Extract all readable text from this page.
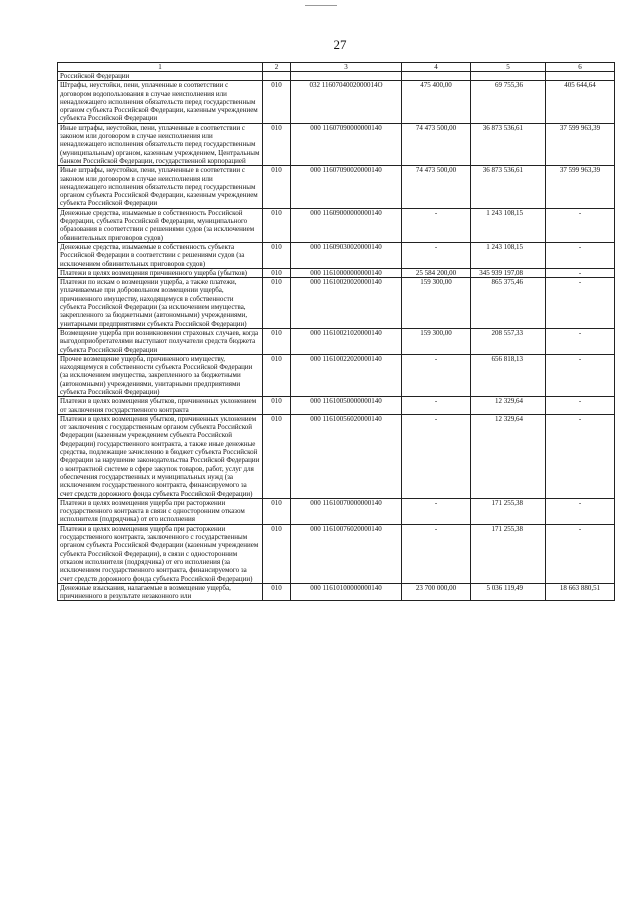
27
1	2	3	4	5	6
Российской Федерации					
Штрафы, неустойки, пени, уплаченные в соответствии с договором водопользования в случае неисполнения или ненадлежащего исполнения обязательств перед государственным органом субъекта Российской Федерации, казенным учреждением субъекта Российской Федерации	010	032 1160704002000014О	475 400,00	69 755,36	405 644,64
Иные штрафы, неустойки, пени, уплаченные в соответствии с законом или договором в случае неисполнения или ненадлежащего исполнения обязательств перед государственным (муниципальным) органом, казенным учреждением, Центральным банком Российской Федерации, государственной корпорацией	010	000 11607090000000140	74 473 500,00	36 873 536,61	37 599 963,39
Иные штрафы, неустойки, пени, уплаченные в соответствии с законом или договором в случае неисполнения или ненадлежащего исполнения обязательств перед государственным органом субъекта Российской Федерации, казенным учреждением субъекта Российской Федерации	010	000 11607090020000140	74 473 500,00	36 873 536,61	37 599 963,39
Денежные средства, изымаемые в собственность Российской Федерации, субъекта Российской Федерации, муниципального образования в соответствии с решениями судов (за исключением обвинительных приговоров судов)	010	000 11609000000000140	-	1 243 108,15	-
Денежные средства, изымаемые в собственность субъекта Российской Федерации в соответствии с решениями судов (за исключением обвинительных приговоров судов)	010	000 11609030020000140	-	1 243 108,15	-
Платежи в целях возмещения причиненного ущерба (убытков)	010	000 11610000000000140	25 584 200,00	345 939 197,08	-
Платежи по искам о возмещении ущерба, а также платежи, уплачиваемые при добровольном возмещении ущерба, причиненного имуществу, находящемуся в собственности субъекта Российской Федерации (за исключением имущества, закрепленного за бюджетными (автономными) учреждениями, унитарными предприятиями субъекта Российской Федерации)	010	000 11610020020000140	159 300,00	865 375,46	-
Возмещение ущерба при возникновении страховых случаев, когда выгодоприобретателями выступают получатели средств бюджета субъекта Российской Федерации	010	000 11610021020000140	159 300,00	208 557,33	-
Прочее возмещение ущерба, причиненного имуществу, находящемуся в собственности субъекта Российской Федерации (за исключением имущества, закрепленного за бюджетными (автономными) учреждениями, унитарными предприятиями субъекта Российской Федерации)	010	000 11610022020000140	-	656 818,13	-
Платежи в целях возмещения убытков, причиненных уклонением от заключения государственного контракта	010	000 11610050000000140	-	12 329,64	-
Платежи в целях возмещения убытков, причиненных уклонением от заключения с государственным органом субъекта Российской Федерации (казенным учреждением субъекта Российской Федерации) государственного контракта, а также иные денежные средства, подлежащие зачислению в бюджет субъекта Российской Федерации за нарушение законодательства Российской Федерации о контрактной системе в сфере закупок товаров, работ, услуг для обеспечения государственных и муниципальных нужд (за исключением государственного контракта, финансируемого за счет средств дорожного фонда субъекта Российской Федерации)	010	000 11610056020000140	-	12 329,64	-
Платежи в целях возмещения ущерба при расторжении государственного контракта в связи с односторонним отказом исполнителя (подрядчика) от его исполнения	010	000 11610070000000140	-	171 255,38	-
Платежи в целях возмещения ущерба при расторжении государственного контракта, заключенного с государственным органом субъекта Российской Федерации (казенным учреждением субъекта Российской Федерации), в связи с односторонним отказом исполнителя (подрядчика) от его исполнения (за исключением государственного контракта, финансируемого за счет средств дорожного фонда субъекта Российской Федерации)	010	000 11610076020000140	-	171 255,38	-
Денежные взыскания, налагаемые в возмещение ущерба, причиненного в результате незаконного или	010	000 11610100000000140	23 700 000,00	5 036 119,49	18 663 880,51
